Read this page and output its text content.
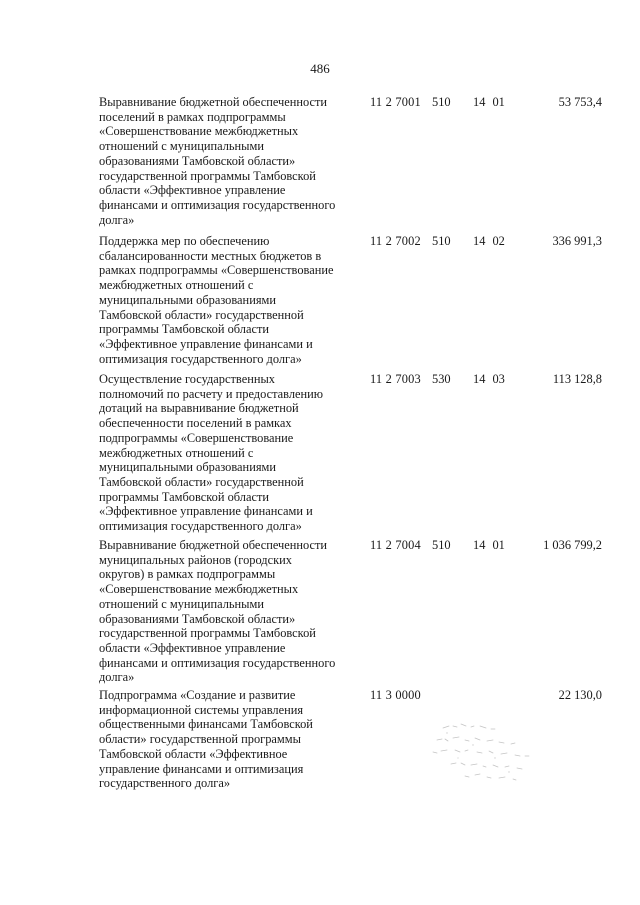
486
Выравнивание бюджетной обеспеченности
поселений в рамках подпрограммы
«Совершенствование межбюджетных
отношений с муниципальными
образованиями Тамбовской области»
государственной программы Тамбовской
области «Эффективное управление
финансами и оптимизация государственного
долга»
11 2 7001 510 14 01	53 753,4
Поддержка мер по обеспечению
сбалансированности местных бюджетов в
рамках подпрограммы «Совершенствование
межбюджетных отношений с
муниципальными образованиями
Тамбовской области» государственной
программы Тамбовской области
«Эффективное управление финансами и
оптимизация государственного долга»
11 2 7002 510 14 02	336 991,3
Осуществление государственных
полномочий по расчету и предоставлению
дотаций на выравнивание бюджетной
обеспеченности поселений в рамках
подпрограммы «Совершенствование
межбюджетных отношений с
муниципальными образованиями
Тамбовской области» государственной
программы Тамбовской области
«Эффективное управление финансами и
оптимизация государственного долга»
11 2 7003 530 14 03	113 128,8
Выравнивание бюджетной обеспеченности
муниципальных районов (городских
округов) в рамках подпрограммы
«Совершенствование межбюджетных
отношений с муниципальными
образованиями Тамбовской области»
государственной программы Тамбовской
области «Эффективное управление
финансами и оптимизация государственного
долга»
11 2 7004 510 14 01	1 036 799,2
Подпрограмма «Создание и развитие
информационной системы управления
общественными финансами Тамбовской
области» государственной программы
Тамбовской области «Эффективное
управление финансами и оптимизация
государственного долга»
11 3 0000	22 130,0
